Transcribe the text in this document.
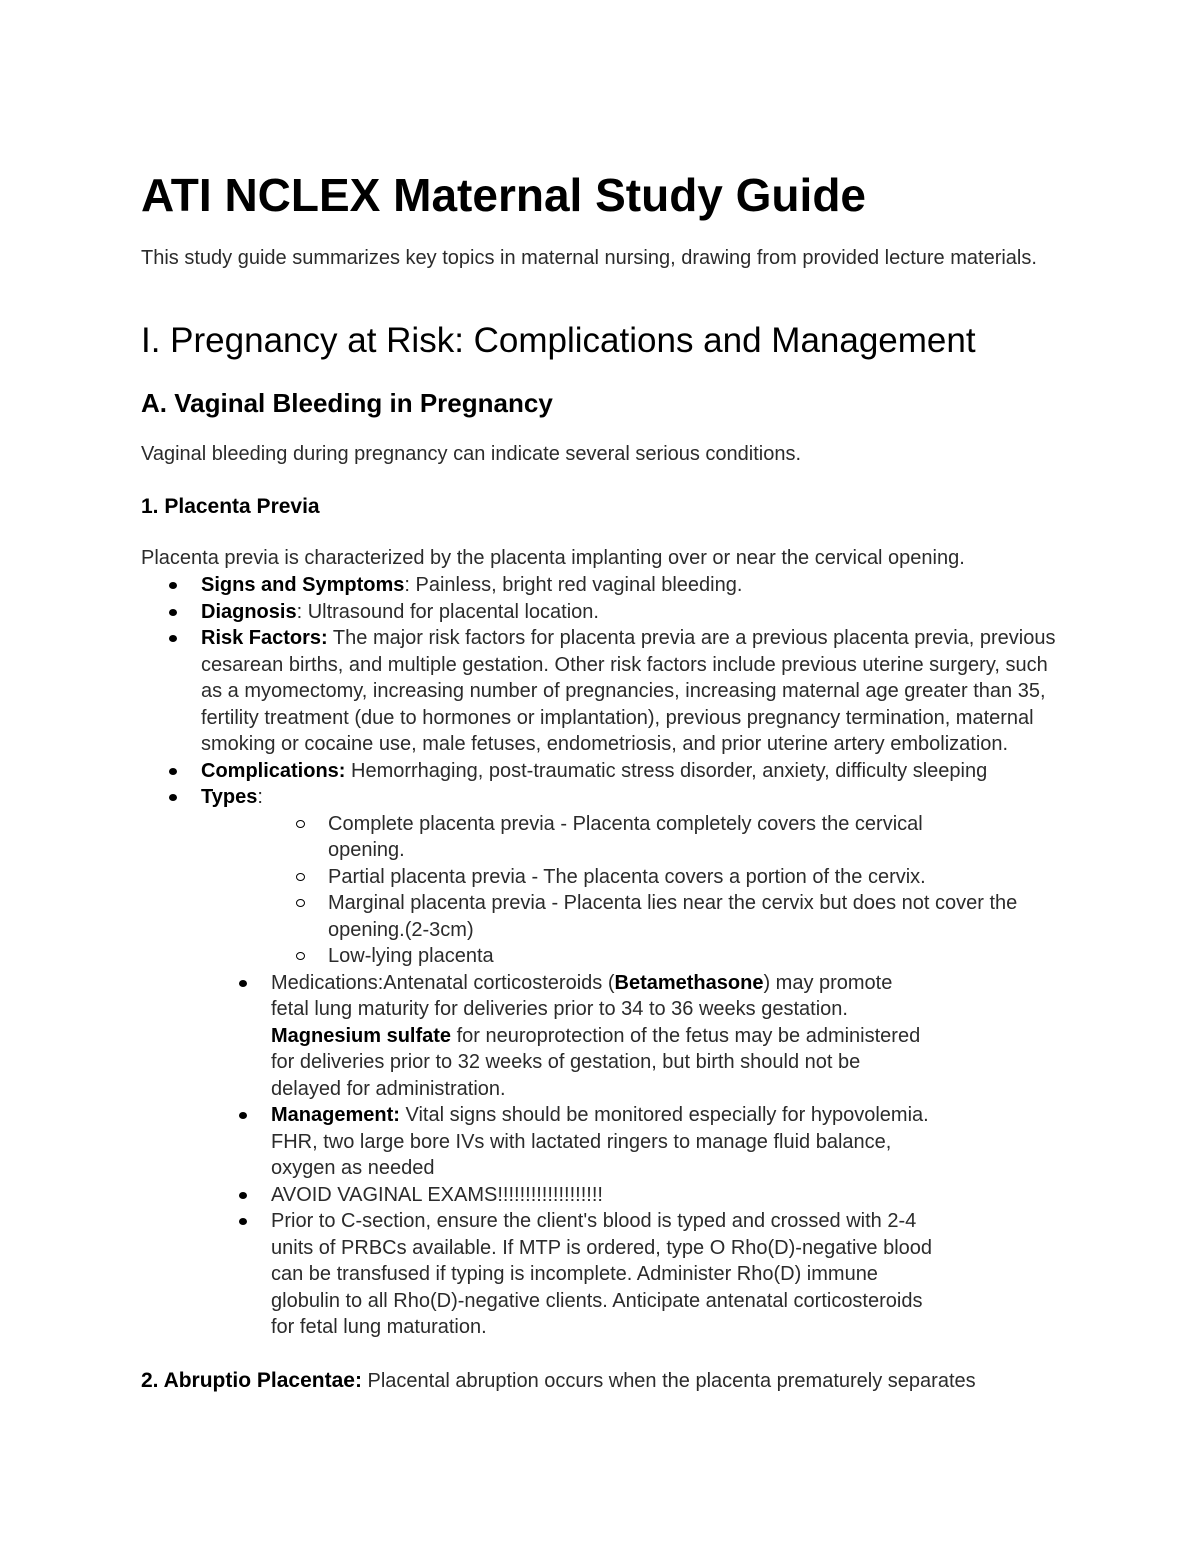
ATI NCLEX Maternal Study Guide

This study guide summarizes key topics in maternal nursing, drawing from provided lecture materials.

I. Pregnancy at Risk: Complications and Management
A. Vaginal Bleeding in Pregnancy

Vaginal bleeding during pregnancy can indicate several serious conditions.

1. Placenta Previa

Placenta previa is characterized by the placenta implanting over or near the cervical opening.

Signs and Symptoms: Painless, bright red vaginal bleeding.
Diagnosis: Ultrasound for placental location.
Risk Factors: The major risk factors for placenta previa are a previous placenta previa, previous cesarean births, and multiple gestation. Other risk factors include previous uterine surgery, such as a myomectomy, increasing number of pregnancies, increasing maternal age greater than 35, fertility treatment (due to hormones or implantation), previous pregnancy termination, maternal smoking or cocaine use, male fetuses, endometriosis, and prior uterine artery embolization.
Complications: Hemorrhaging, post-traumatic stress disorder, anxiety, difficulty sleeping
Types:
Complete placenta previa - Placenta completely covers the cervical opening.
Partial placenta previa - The placenta covers a portion of the cervix.
Marginal placenta previa - Placenta lies near the cervix but does not cover the opening.(2-3cm)
Low-lying placenta
Medications:Antenatal corticosteroids (Betamethasone) may promote fetal lung maturity for deliveries prior to 34 to 36 weeks gestation. Magnesium sulfate for neuroprotection of the fetus may be administered for deliveries prior to 32 weeks of gestation, but birth should not be delayed for administration.
Management: Vital signs should be monitored especially for hypovolemia. FHR, two large bore IVs with lactated ringers to manage fluid balance, oxygen as needed
AVOID VAGINAL EXAMS!!!!!!!!!!!!!!!!!!!
Prior to C-section, ensure the client's blood is typed and crossed with 2-4 units of PRBCs available. If MTP is ordered, type O Rho(D)-negative blood can be transfused if typing is incomplete. Administer Rho(D) immune globulin to all Rho(D)-negative clients. Anticipate antenatal corticosteroids for fetal lung maturation.

2. Abruptio Placentae: Placental abruption occurs when the placenta prematurely separates
